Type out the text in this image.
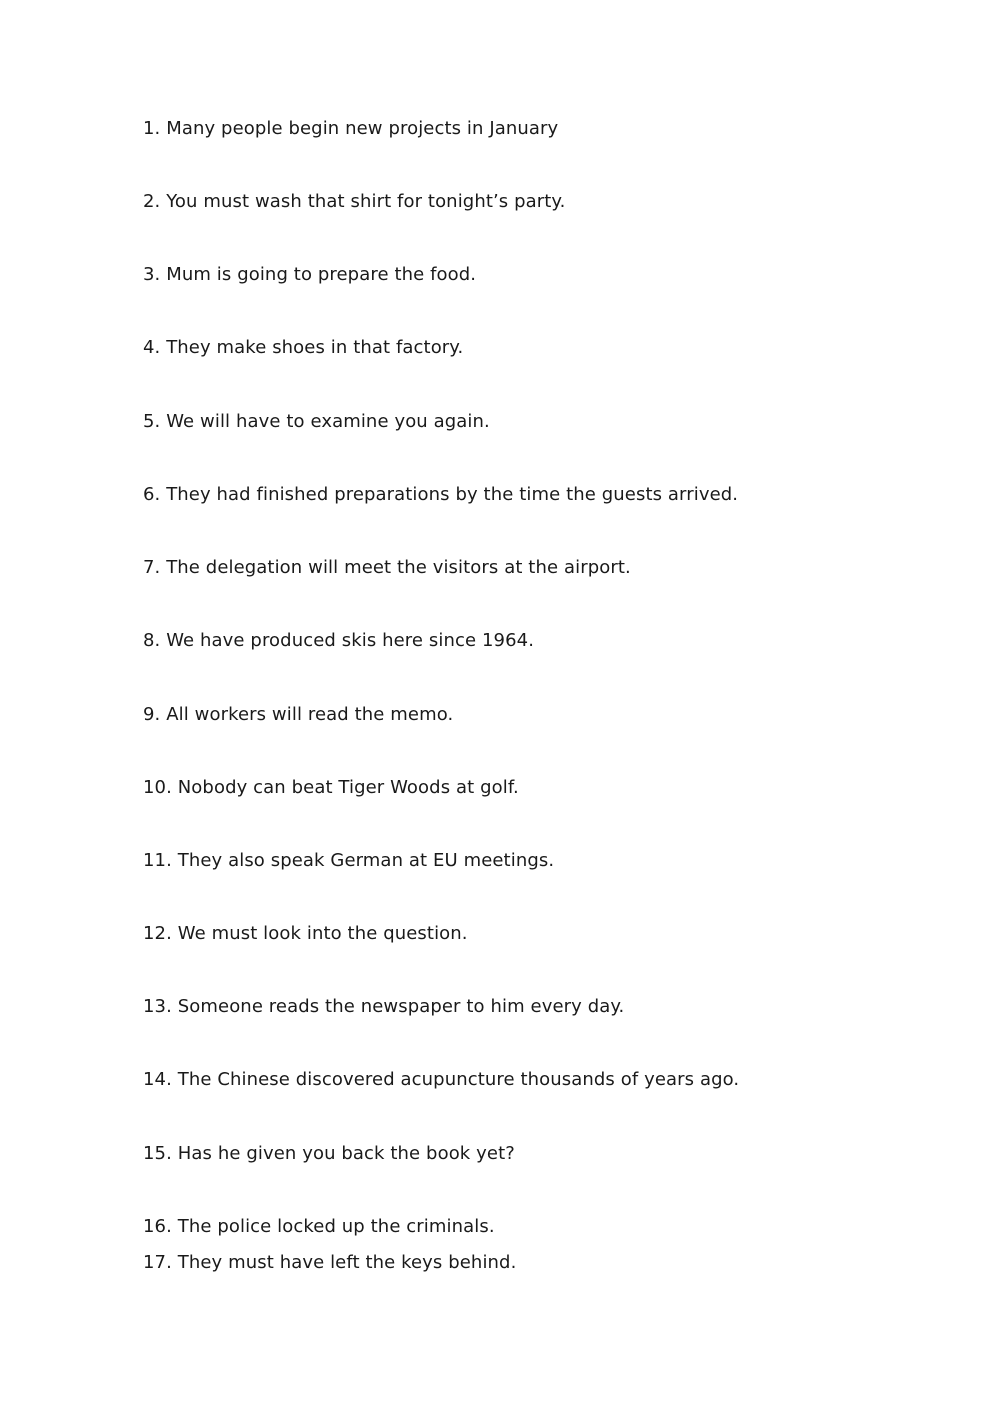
1. Many people begin new projects in January
2. You must wash that shirt for tonight’s party.
3. Mum is going to prepare the food.
4. They make shoes in that factory.
5. We will have to examine you again.
6. They had finished preparations by the time the guests arrived.
7. The delegation will meet the visitors at the airport.
8. We have produced skis here since 1964.
9. All workers will read the memo.
10. Nobody can beat Tiger Woods at golf.
11. They also speak German at EU meetings.
12. We must look into the question.
13. Someone reads the newspaper to him every day.
14. The Chinese discovered acupuncture thousands of years ago.
15. Has he given you back the book yet?
16. The police locked up the criminals.
17. They must have left the keys behind.
